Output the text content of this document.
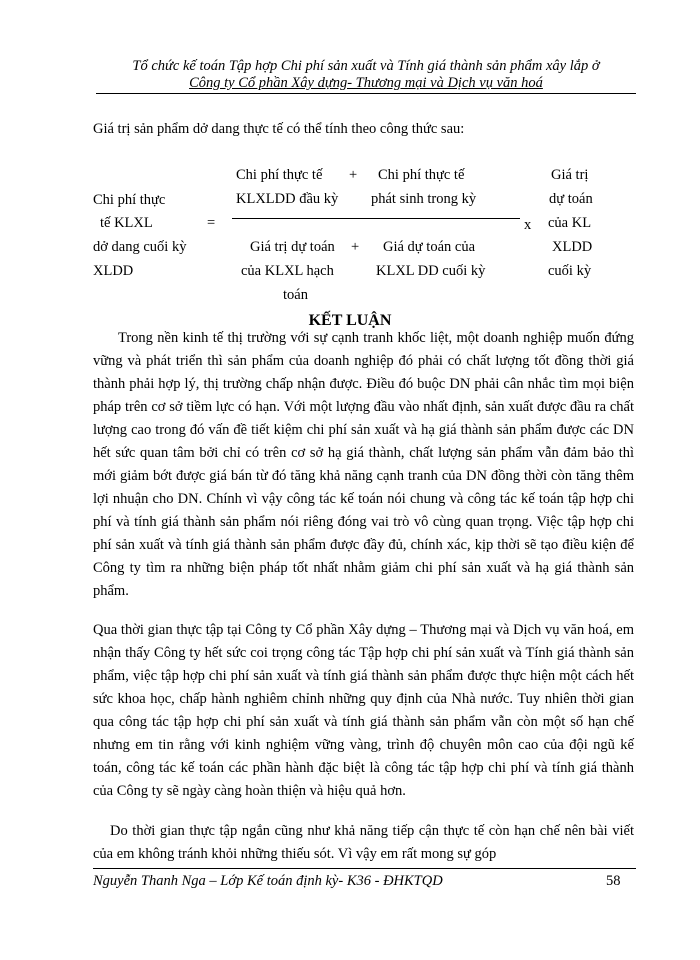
Tổ chức kế toán Tập hợp Chi phí sản xuất và Tính giá thành sản phẩm xây lắp ở
Công ty Cổ phần Xây dựng- Thương mại và Dịch vụ văn hoá
Giá trị sản phẩm dở dang thực tế có thể tính theo công thức sau:
Chi phí thực
tế KLXL
dở dang cuối kỳ
XLDD
=
Chi phí thực tế
KLXLDD đầu kỳ
+ Chi phí thực tế
phát sinh trong kỳ
Giá trị dự toán
của KLXL hạch
toán
+ Giá dự toán của
KLXL DD cuối kỳ
x
Giá trị
dự toán
của KL
XLDD
cuối kỳ
KẾT LUẬN

Trong nền kinh tế thị trường với sự cạnh tranh khốc liệt, một doanh nghiệp muốn đứng vững và phát triển thì sản phẩm của doanh nghiệp đó phải có chất lượng tốt đồng thời giá thành phải hợp lý, thị trường chấp nhận được. Điều đó buộc DN phải cân nhắc tìm mọi biện pháp trên cơ sở tiềm lực có hạn. Với một lượng đầu vào nhất định, sản xuất được đầu ra chất lượng cao trong đó vấn đề tiết kiệm chi phí sản xuất và hạ giá thành sản phẩm được các DN hết sức quan tâm bởi chỉ có trên cơ sở hạ giá thành, chất lượng sản phẩm vẫn đảm bảo thì mới giảm bớt được giá bán từ đó tăng khả năng cạnh tranh của DN đồng thời còn tăng thêm lợi nhuận cho DN. Chính vì vậy công tác kế toán nói chung và công tác kế toán tập hợp chi phí và tính giá thành sản phẩm nói riêng đóng vai trò vô cùng quan trọng. Việc tập hợp chi phí sản xuất và tính giá thành sản phẩm được đầy đủ, chính xác, kịp thời sẽ tạo điều kiện để Công ty tìm ra những biện pháp tốt nhất nhằm giảm chi phí sản xuất và hạ giá thành sản phẩm.

Qua thời gian thực tập tại Công ty Cổ phần Xây dựng – Thương mại và Dịch vụ văn hoá, em nhận thấy Công ty hết sức coi trọng công tác Tập hợp chi phí sản xuất và Tính giá thành sản phẩm, việc tập hợp chi phí sản xuất và tính giá thành sản phẩm được thực hiện một cách hết sức khoa học, chấp hành nghiêm chỉnh những quy định của Nhà nước. Tuy nhiên thời gian qua công tác tập hợp chi phí sản xuất và tính giá thành sản phẩm vẫn còn một số hạn chế nhưng em tin rằng với kinh nghiệm vững vàng, trình độ chuyên môn cao của đội ngũ kế toán, công tác kế toán các phần hành đặc biệt là công tác tập hợp chi phí và tính giá thành của Công ty sẽ ngày càng hoàn thiện và hiệu quả hơn.

Do thời gian thực tập ngắn cũng như khả năng tiếp cận thực tế còn hạn chế nên bài viết của em không tránh khỏi những thiếu sót. Vì vậy em rất mong sự góp

Nguyễn Thanh Nga – Lớp Kế toán định kỳ- K36 - ĐHKTQD	58
